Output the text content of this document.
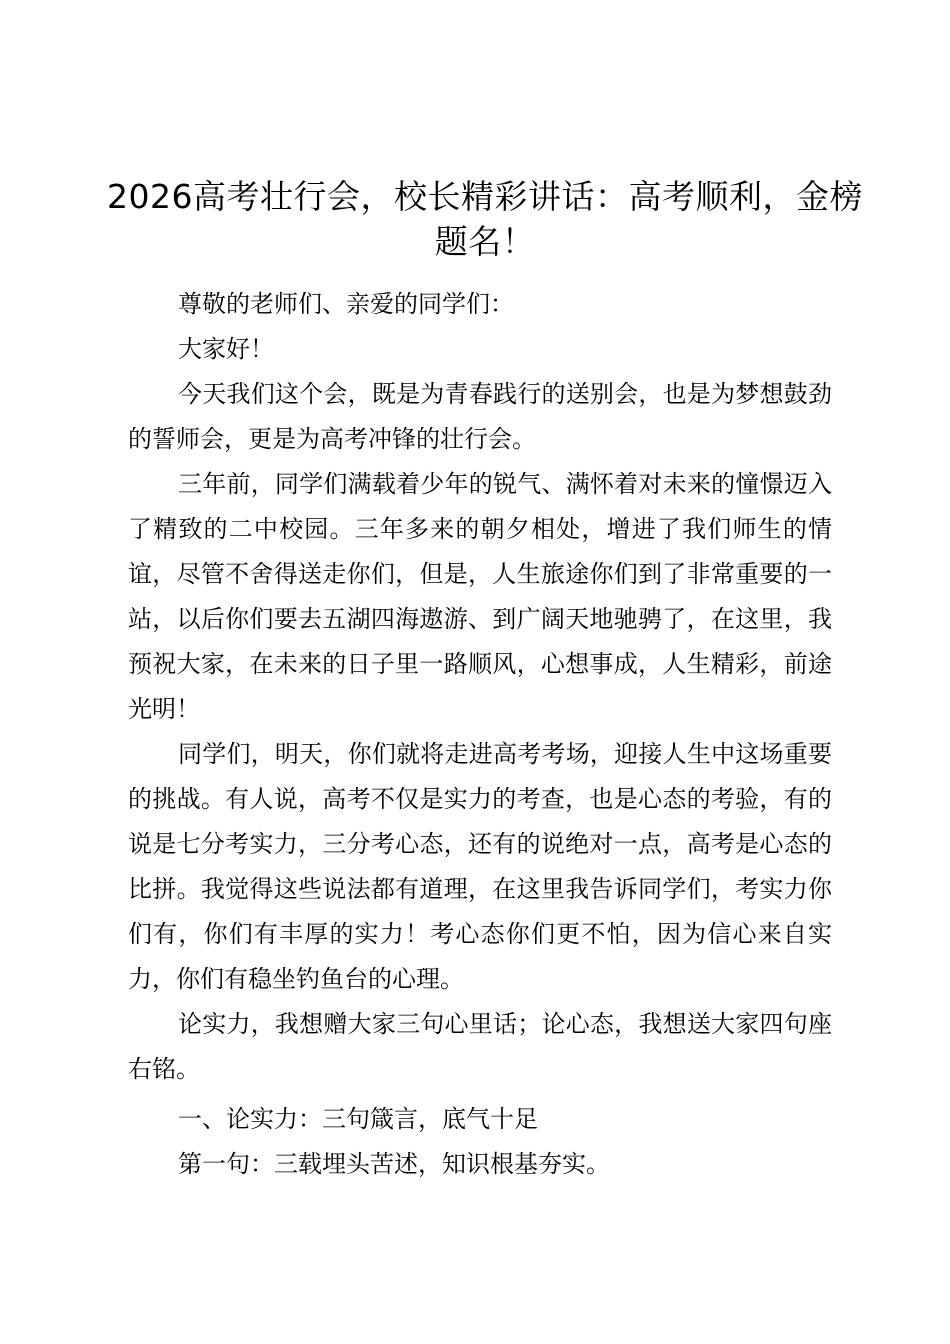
2026高考壮行会，校长精彩讲话：高考顺利，金榜题名！

尊敬的老师们、亲爱的同学们：

大家好！

今天我们这个会，既是为青春践行的送别会，也是为梦想鼓劲的誓师会，更是为高考冲锋的壮行会。

三年前，同学们满载着少年的锐气、满怀着对未来的憧憬迈入了精致的二中校园。三年多来的朝夕相处，增进了我们师生的情谊，尽管不舍得送走你们，但是，人生旅途你们到了非常重要的一站，以后你们要去五湖四海遨游、到广阔天地驰骋了，在这里，我预祝大家，在未来的日子里一路顺风，心想事成，人生精彩，前途光明！

同学们，明天，你们就将走进高考考场，迎接人生中这场重要的挑战。有人说，高考不仅是实力的考查，也是心态的考验，有的说是七分考实力，三分考心态，还有的说绝对一点，高考是心态的比拼。我觉得这些说法都有道理，在这里我告诉同学们，考实力你们有，你们有丰厚的实力！考心态你们更不怕，因为信心来自实力，你们有稳坐钓鱼台的心理。

论实力，我想赠大家三句心里话；论心态，我想送大家四句座右铭。

一、论实力：三句箴言，底气十足

第一句：三载埋头苦述，知识根基夯实。
